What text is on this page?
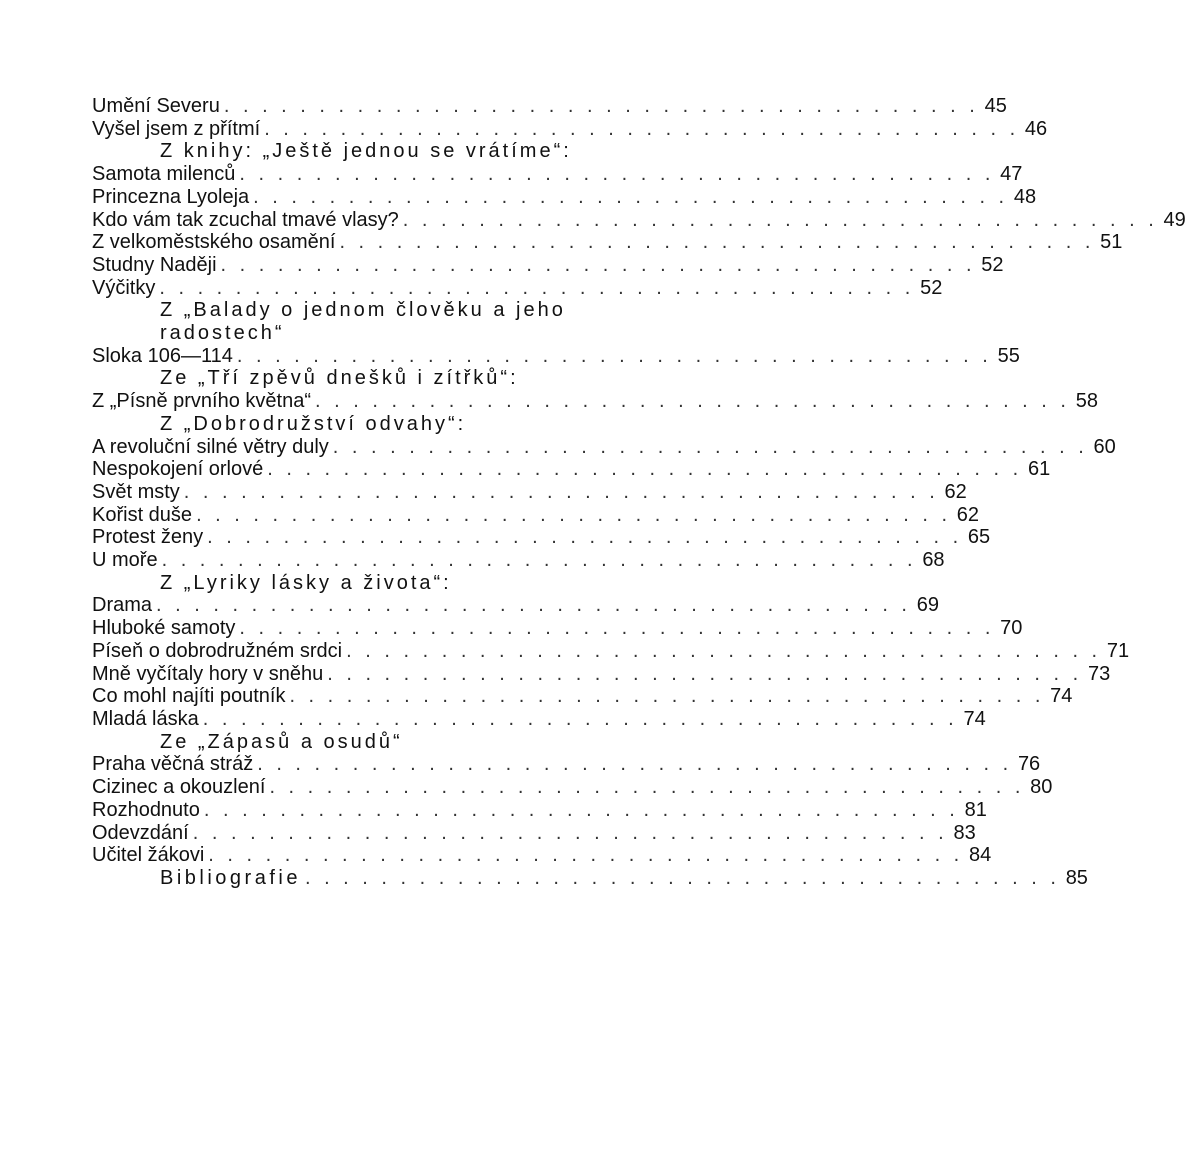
Umění Severu . . . . . . . . . . . . . . . . . . . . . . . . . . . . . . . . . . . . . . . . 45
Vyšel jsem z přítmí . . . . . . . . . . . . . . . . . . . . . . . . . . . . . . . . . . . . . . . . 46
Z knihy: „Ještě jednou se vrátíme“:
Samota milenců . . . . . . . . . . . . . . . . . . . . . . . . . . . . . . . . . . . . . . . . 47
Princezna Lyoleja . . . . . . . . . . . . . . . . . . . . . . . . . . . . . . . . . . . . . . . . 48
Kdo vám tak zcuchal tmavé vlasy? . . . . . . . . . . . . . . . . . . . . . . . . . . . . . . . . . . . . . . . . 49
Z velkoměstského osamění . . . . . . . . . . . . . . . . . . . . . . . . . . . . . . . . . . . . . . . . 51
Studny Naději . . . . . . . . . . . . . . . . . . . . . . . . . . . . . . . . . . . . . . . . 52
Výčitky . . . . . . . . . . . . . . . . . . . . . . . . . . . . . . . . . . . . . . . . 52
Z „Balady o jednom člověku a jeho radostech“
Sloka 106—114 . . . . . . . . . . . . . . . . . . . . . . . . . . . . . . . . . . . . . . . . 55
Ze „Tří zpěvů dnešků i zítřků“:
Z „Písně prvního května“ . . . . . . . . . . . . . . . . . . . . . . . . . . . . . . . . . . . . . . . . 58
Z „Dobrodružství odvahy“:
A revoluční silné větry duly . . . . . . . . . . . . . . . . . . . . . . . . . . . . . . . . . . . . . . . . 60
Nespokojení orlové . . . . . . . . . . . . . . . . . . . . . . . . . . . . . . . . . . . . . . . . 61
Svět msty . . . . . . . . . . . . . . . . . . . . . . . . . . . . . . . . . . . . . . . . 62
Kořist duše . . . . . . . . . . . . . . . . . . . . . . . . . . . . . . . . . . . . . . . . 62
Protest ženy . . . . . . . . . . . . . . . . . . . . . . . . . . . . . . . . . . . . . . . . 65
U moře . . . . . . . . . . . . . . . . . . . . . . . . . . . . . . . . . . . . . . . . 68
Z „Lyriky lásky a života“:
Drama . . . . . . . . . . . . . . . . . . . . . . . . . . . . . . . . . . . . . . . . 69
Hluboké samoty . . . . . . . . . . . . . . . . . . . . . . . . . . . . . . . . . . . . . . . . 70
Píseň o dobrodružném srdci . . . . . . . . . . . . . . . . . . . . . . . . . . . . . . . . . . . . . . . . 71
Mně vyčítaly hory v sněhu . . . . . . . . . . . . . . . . . . . . . . . . . . . . . . . . . . . . . . . . 73
Co mohl najíti poutník . . . . . . . . . . . . . . . . . . . . . . . . . . . . . . . . . . . . . . . . 74
Mladá láska . . . . . . . . . . . . . . . . . . . . . . . . . . . . . . . . . . . . . . . . 74
Ze „Zápasů a osudů“
Praha věčná stráž . . . . . . . . . . . . . . . . . . . . . . . . . . . . . . . . . . . . . . . . 76
Cizinec a okouzlení . . . . . . . . . . . . . . . . . . . . . . . . . . . . . . . . . . . . . . . . 80
Rozhodnuto . . . . . . . . . . . . . . . . . . . . . . . . . . . . . . . . . . . . . . . . 81
Odevzdání . . . . . . . . . . . . . . . . . . . . . . . . . . . . . . . . . . . . . . . . 83
Učitel žákovi . . . . . . . . . . . . . . . . . . . . . . . . . . . . . . . . . . . . . . . . 84
Bibliografie . . . . . . . . . . . . . . . . . . . . . . . . . . . . . . . . . . . . . . . . 85
